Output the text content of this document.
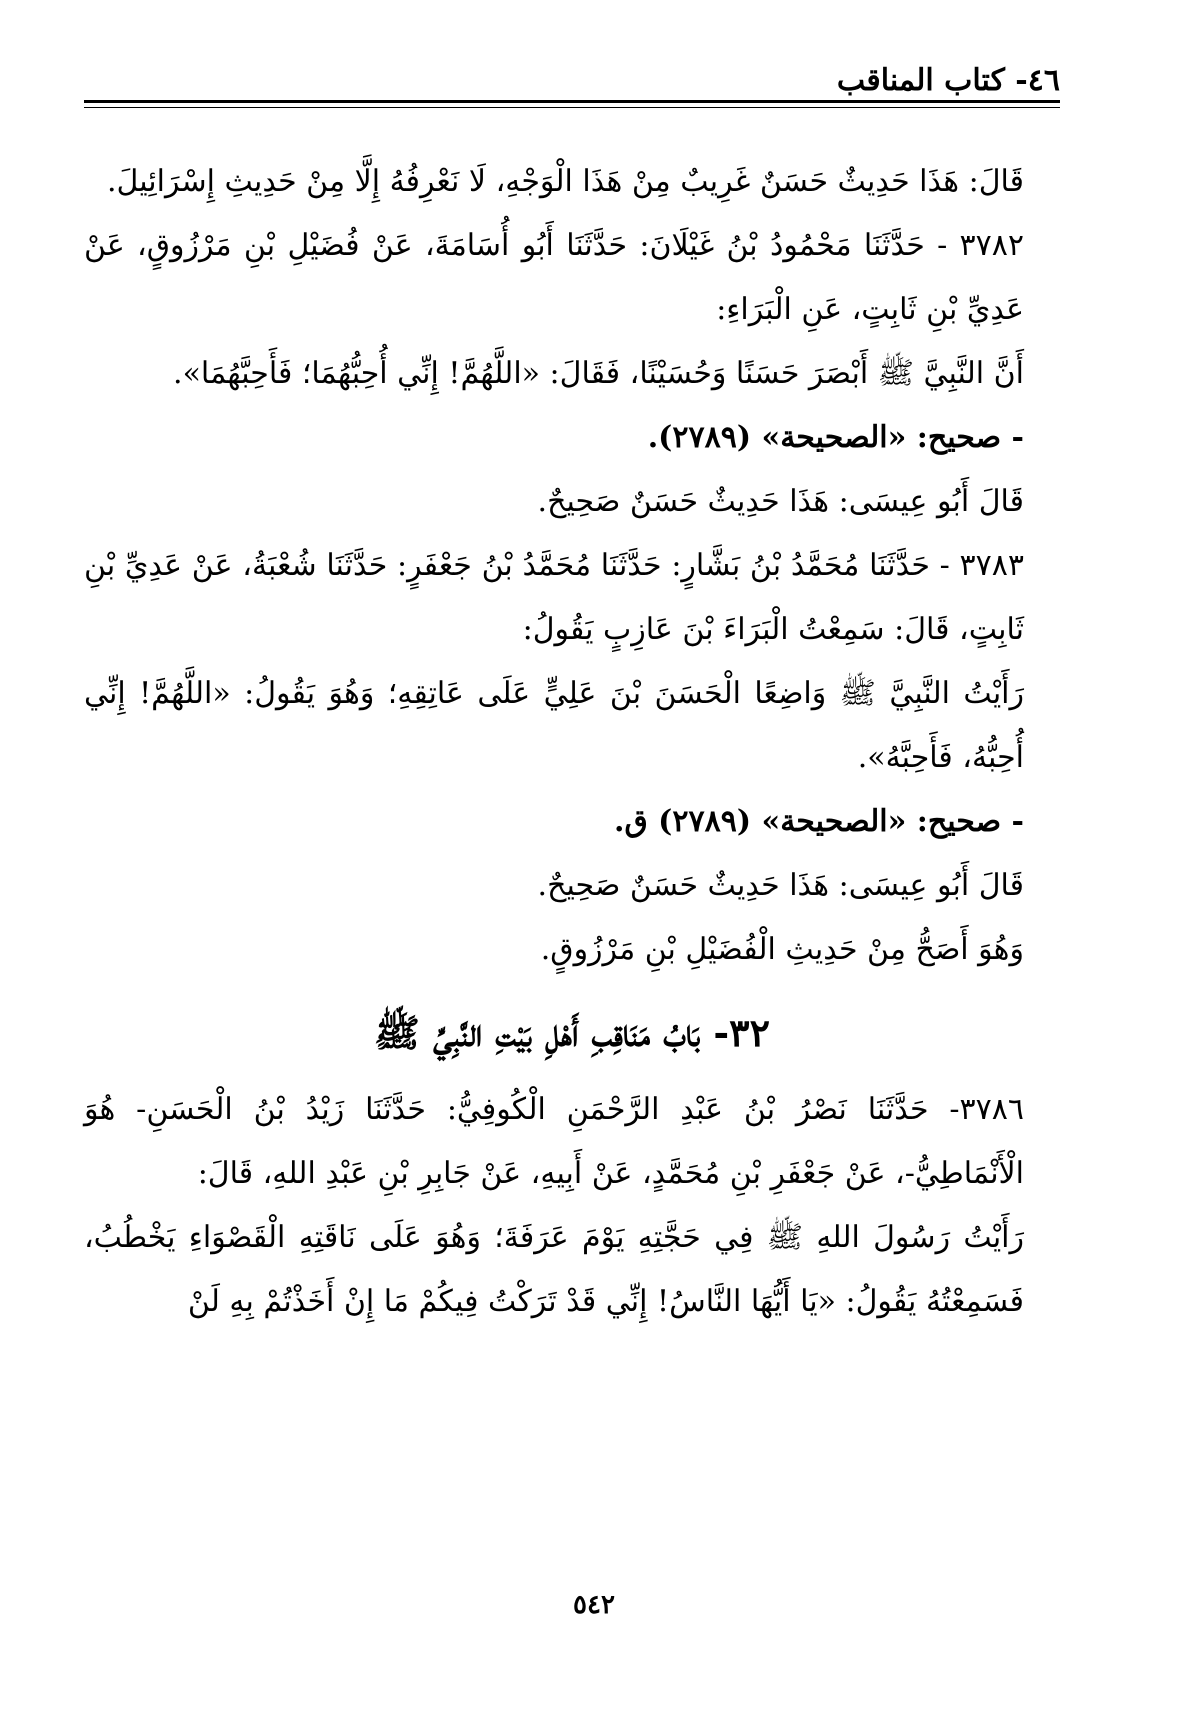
٤٦- كتاب المناقب

قَالَ: هَذَا حَدِيثٌ حَسَنٌ غَرِيبٌ مِنْ هَذَا الْوَجْهِ، لَا نَعْرِفُهُ إِلَّا مِنْ حَدِيثِ إِسْرَائِيلَ.

٣٧٨٢ - حَدَّثَنَا مَحْمُودُ بْنُ غَيْلَانَ: حَدَّثَنَا أَبُو أُسَامَةَ، عَنْ فُضَيْلِ بْنِ مَرْزُوقٍ، عَنْ عَدِيِّ بْنِ ثَابِتٍ، عَنِ الْبَرَاءِ:

أَنَّ النَّبِيَّ ﷺ أَبْصَرَ حَسَنًا وَحُسَيْنًا، فَقَالَ: «اللَّهُمَّ! إِنِّي أُحِبُّهُمَا؛ فَأَحِبَّهُمَا».

- صحيح: «الصحيحة» (٢٧٨٩).

قَالَ أَبُو عِيسَى: هَذَا حَدِيثٌ حَسَنٌ صَحِيحٌ.

٣٧٨٣ - حَدَّثَنَا مُحَمَّدُ بْنُ بَشَّارٍ: حَدَّثَنَا مُحَمَّدُ بْنُ جَعْفَرٍ: حَدَّثَنَا شُعْبَةُ، عَنْ عَدِيِّ بْنِ ثَابِتٍ، قَالَ: سَمِعْتُ الْبَرَاءَ بْنَ عَازِبٍ يَقُولُ:

رَأَيْتُ النَّبِيَّ ﷺ وَاضِعًا الْحَسَنَ بْنَ عَلِيٍّ عَلَى عَاتِقِهِ؛ وَهُوَ يَقُولُ: «اللَّهُمَّ! إِنِّي أُحِبُّهُ، فَأَحِبَّهُ».

- صحيح: «الصحيحة» (٢٧٨٩) ق.

قَالَ أَبُو عِيسَى: هَذَا حَدِيثٌ حَسَنٌ صَحِيحٌ.

وَهُوَ أَصَحُّ مِنْ حَدِيثِ الْفُضَيْلِ بْنِ مَرْزُوقٍ.

٣٢- بَابُ مَنَاقِبِ أَهْلِ بَيْتِ النَّبِيِّ ﷺ

٣٧٨٦- حَدَّثَنَا نَصْرُ بْنُ عَبْدِ الرَّحْمَنِ الْكُوفِيُّ: حَدَّثَنَا زَيْدُ بْنُ الْحَسَنِ- هُوَ الْأَنْمَاطِيُّ-، عَنْ جَعْفَرِ بْنِ مُحَمَّدٍ، عَنْ أَبِيهِ، عَنْ جَابِرِ بْنِ عَبْدِ اللهِ، قَالَ:

رَأَيْتُ رَسُولَ اللهِ ﷺ فِي حَجَّتِهِ يَوْمَ عَرَفَةَ؛ وَهُوَ عَلَى نَاقَتِهِ الْقَصْوَاءِ يَخْطُبُ، فَسَمِعْتُهُ يَقُولُ: «يَا أَيُّهَا النَّاسُ! إِنِّي قَدْ تَرَكْتُ فِيكُمْ مَا إِنْ أَخَذْتُمْ بِهِ لَنْ

٥٤٢
